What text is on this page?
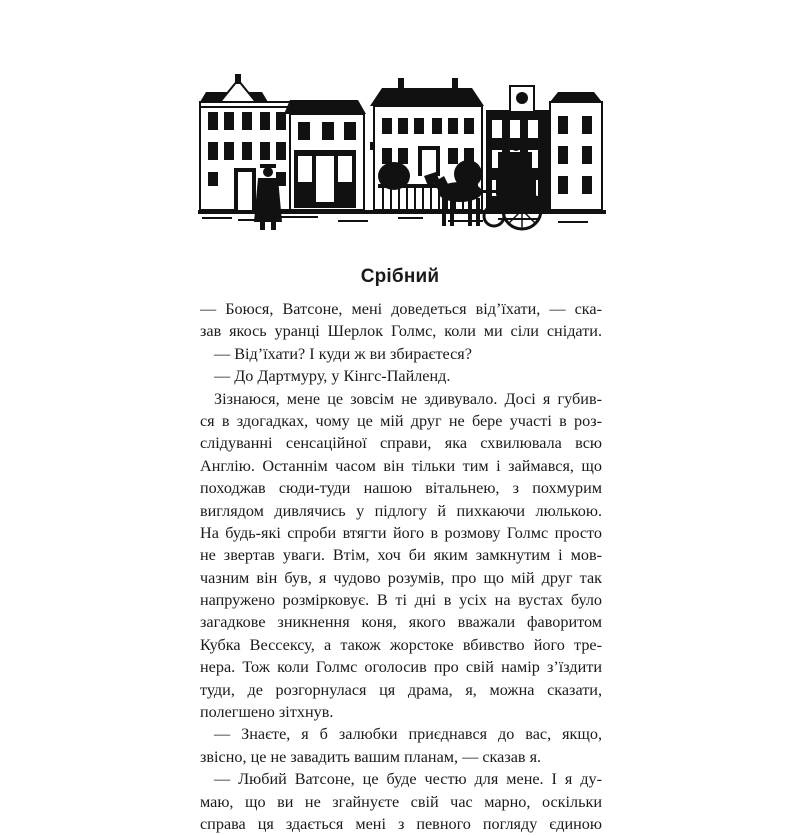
Срібний
— Боюся, Ватсоне, мені доведеться від’їхати, — ска-
зав якось уранці Шерлок Голмс, коли ми сіли снідати.
— Від’їхати? І куди ж ви збираєтеся?
— До Дартмуру, у Кінгс-Пайленд.
Зізнаюся, мене це зовсім не здивувало. Досі я губив-
ся в здогадках, чому це мій друг не бере участі в роз-
слідуванні сенсаційної справи, яка схвилювала всю
Англію. Останнім часом він тільки тим і займався, що
походжав сюди-туди нашою вітальнею, з похмурим
виглядом дивлячись у підлогу й пихкаючи люлькою.
На будь-які спроби втягти його в розмову Голмс просто
не звертав уваги. Втім, хоч би яким замкнутим і мов-
чазним він був, я чудово розумів, про що мій друг так
напружено розмірковує. В ті дні в усіх на вустах було
загадкове зникнення коня, якого вважали фаворитом
Кубка Вессексу, а також жорстоке вбивство його тре-
нера. Тож коли Голмс оголосив про свій намір з’їздити
туди, де розгорнулася ця драма, я, можна сказати,
полегшено зітхнув.
— Знаєте, я б залюбки приєднався до вас, якщо,
звісно, це не завадить вашим планам, — сказав я.
— Любий Ватсоне, це буде честю для мене. І я ду-
маю, що ви не згайнуєте свій час марно, оскільки
справа ця здається мені з певного погляду єдиною
